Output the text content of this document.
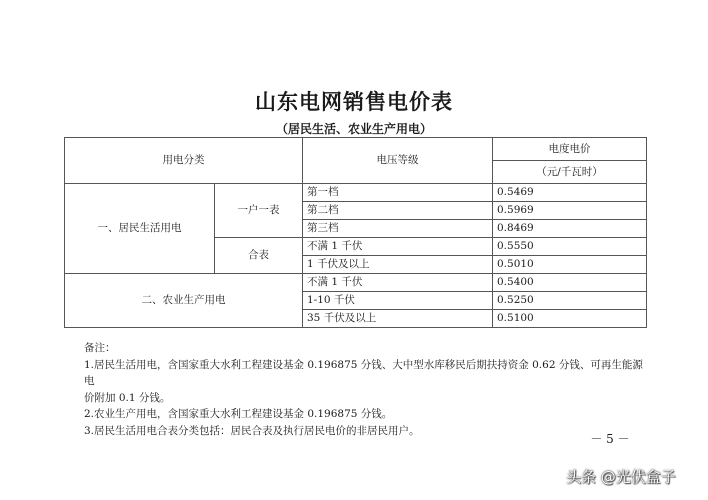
山东电网销售电价表
（居民生活、农业生产用电）
用电分类		电压等级	电度电价
			（元/千瓦时）
一、居民生活用电	一户一表	第一档	0.5469
		第二档	0.5969
		第三档	0.8469
	合表	不满 1 千伏	0.5550
		1 千伏及以上	0.5010
二、农业生产用电		不满 1 千伏	0.5400
		1-10 千伏	0.5250
		35 千伏及以上	0.5100

备注：

1.居民生活用电，含国家重大水利工程建设基金 0.196875 分钱、大中型水库移民后期扶持资金 0.62 分钱、可再生能源电

价附加 0.1 分钱。

2.农业生产用电，含国家重大水利工程建设基金 0.196875 分钱。

3.居民生活用电合表分类包括：居民合表及执行居民电价的非居民用户。

－ 5 －
头条 @光伏盒子
